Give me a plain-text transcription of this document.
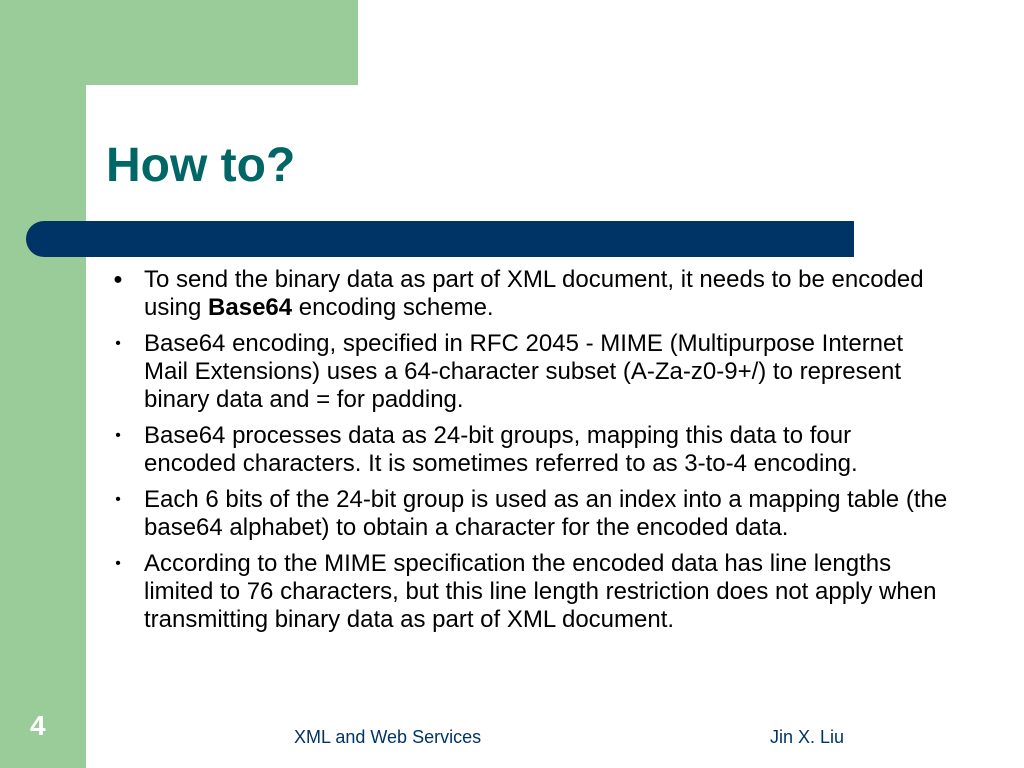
How to?
● To send the binary data as part of XML document, it needs to be encoded using Base64 encoding scheme.
• Base64 encoding, specified in RFC 2045 - MIME (Multipurpose Internet Mail Extensions) uses a 64-character subset (A-Za-z0-9+/) to represent binary data and = for padding.
• Base64 processes data as 24-bit groups, mapping this data to four encoded characters. It is sometimes referred to as 3-to-4 encoding.
• Each 6 bits of the 24-bit group is used as an index into a mapping table (the base64 alphabet) to obtain a character for the encoded data.
• According to the MIME specification the encoded data has line lengths limited to 76 characters, but this line length restriction does not apply when transmitting binary data as part of XML document.
4	XML and Web Services	Jin X. Liu
